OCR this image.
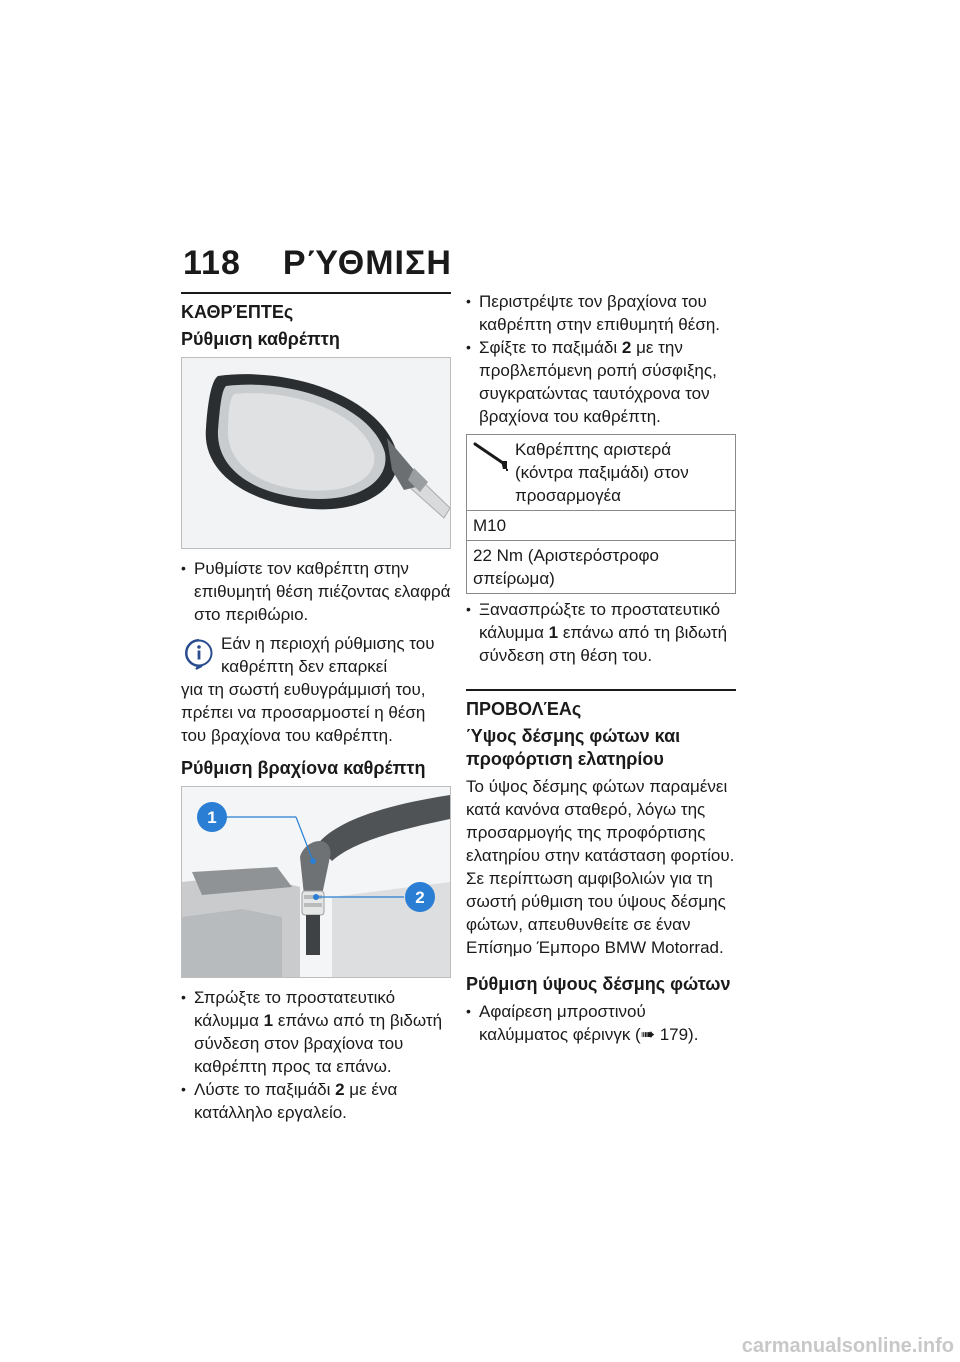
118 ΡΎΘΜΙΣΗ
ΚΑΘΡΈΠΤΕς
Ρύθμιση καθρέπτη
• Ρυθμίστε τον καθρέπτη στην επιθυμητή θέση πιέζοντας ελαφρά στο περιθώριο.

Εάν η περιοχή ρύθμισης του καθρέπτη δεν επαρκεί

για τη σωστή ευθυγράμμισή του, πρέπει να προσαρμοστεί η θέση του βραχίονα του καθρέπτη.

Ρύθμιση βραχίονα καθρέπτη
1
2
• Σπρώξτε το προστατευτικό κάλυμμα 1 επάνω από τη βιδωτή σύνδεση στον βραχίονα του καθρέπτη προς τα επάνω.
• Λύστε το παξιμάδι 2 με ένα κατάλληλο εργαλείο.
• Περιστρέψτε τον βραχίονα του καθρέπτη στην επιθυμητή θέση.
• Σφίξτε το παξιμάδι 2 με την προβλεπόμενη ροπή σύσφιξης, συγκρατώντας ταυτόχρονα τον βραχίονα του καθρέπτη.
Καθρέπτης αριστερά (κόντρα παξιμάδι) στον προσαρμογέα
M10
22 Nm (Αριστερόστροφο σπείρωμα)
• Ξανασπρώξτε το προστατευτικό κάλυμμα 1 επάνω από τη βιδωτή σύνδεση στη θέση του.
ΠΡΟΒΟΛΈΑς
Ύψος δέσμης φώτων και προφόρτιση ελατηρίου

Το ύψος δέσμης φώτων παραμένει κατά κανόνα σταθερό, λόγω της προσαρμογής της προφόρτισης ελατηρίου στην κατάσταση φορτίου.

Σε περίπτωση αμφιβολιών για τη σωστή ρύθμιση του ύψους δέσμης φώτων, απευθυνθείτε σε έναν Επίσημο Έμπορο BMW Motorrad.

Ρύθμιση ύψους δέσμης φώτων
• Αφαίρεση μπροστινού καλύμματος φέρινγκ (➠ 179).
carmanualsonline.info
